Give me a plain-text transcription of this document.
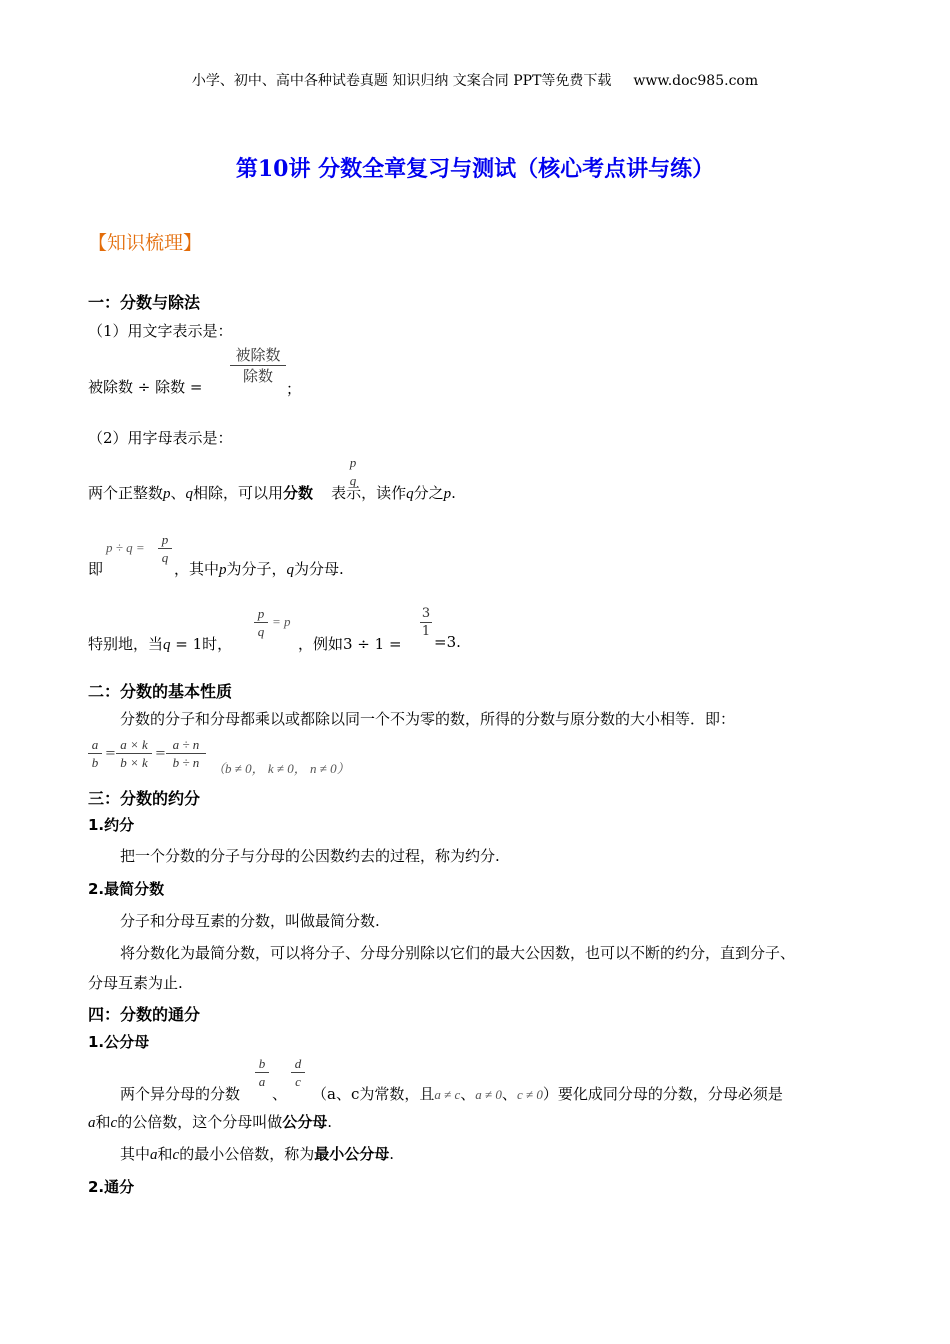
小学、初中、高中各种试卷真题 知识归纳 文案合同 PPT等免费下载 www.doc985.com
第10讲 分数全章复习与测试（核心考点讲与练）
【知识梳理】
一：分数与除法
（1）用文字表示是：
被除数
除数
被除数 ÷ 除数 =	；
（2）用字母表示是：
p
q
两个正整数p、q相除，可以用分数 表示，读作q分之p.
p ÷ q =
p
q
即	，其中p为分子，q为分母.
p
q
= p
3
1
特别地，当q = 1时，	，例如3 ÷ 1 = =3.
二：分数的基本性质
分数的分子和分母都乘以或都除以同一个不为零的数，所得的分数与原分数的大小相等．即：
a
b
=
a × k
b × k
=
a ÷ n
b ÷ n （b ≠ 0， k ≠ 0， n ≠ 0）
三：分数的约分
1.约分
把一个分数的分子与分母的公因数约去的过程，称为约分.
2.最简分数
分子和分母互素的分数，叫做最简分数.
将分数化为最简分数，可以将分子、分母分别除以它们的最大公因数，也可以不断的约分，直到分子、
分母互素为止.
四：分数的通分
1.公分母
b
a
d
c
两个异分母的分数 、 （a、c为常数，且a ≠ c、a ≠ 0、c ≠ 0）要化成同分母的分数，分母必须是
a和c的公倍数，这个分母叫做公分母.
其中a和c的最小公倍数，称为最小公分母.
2.通分
